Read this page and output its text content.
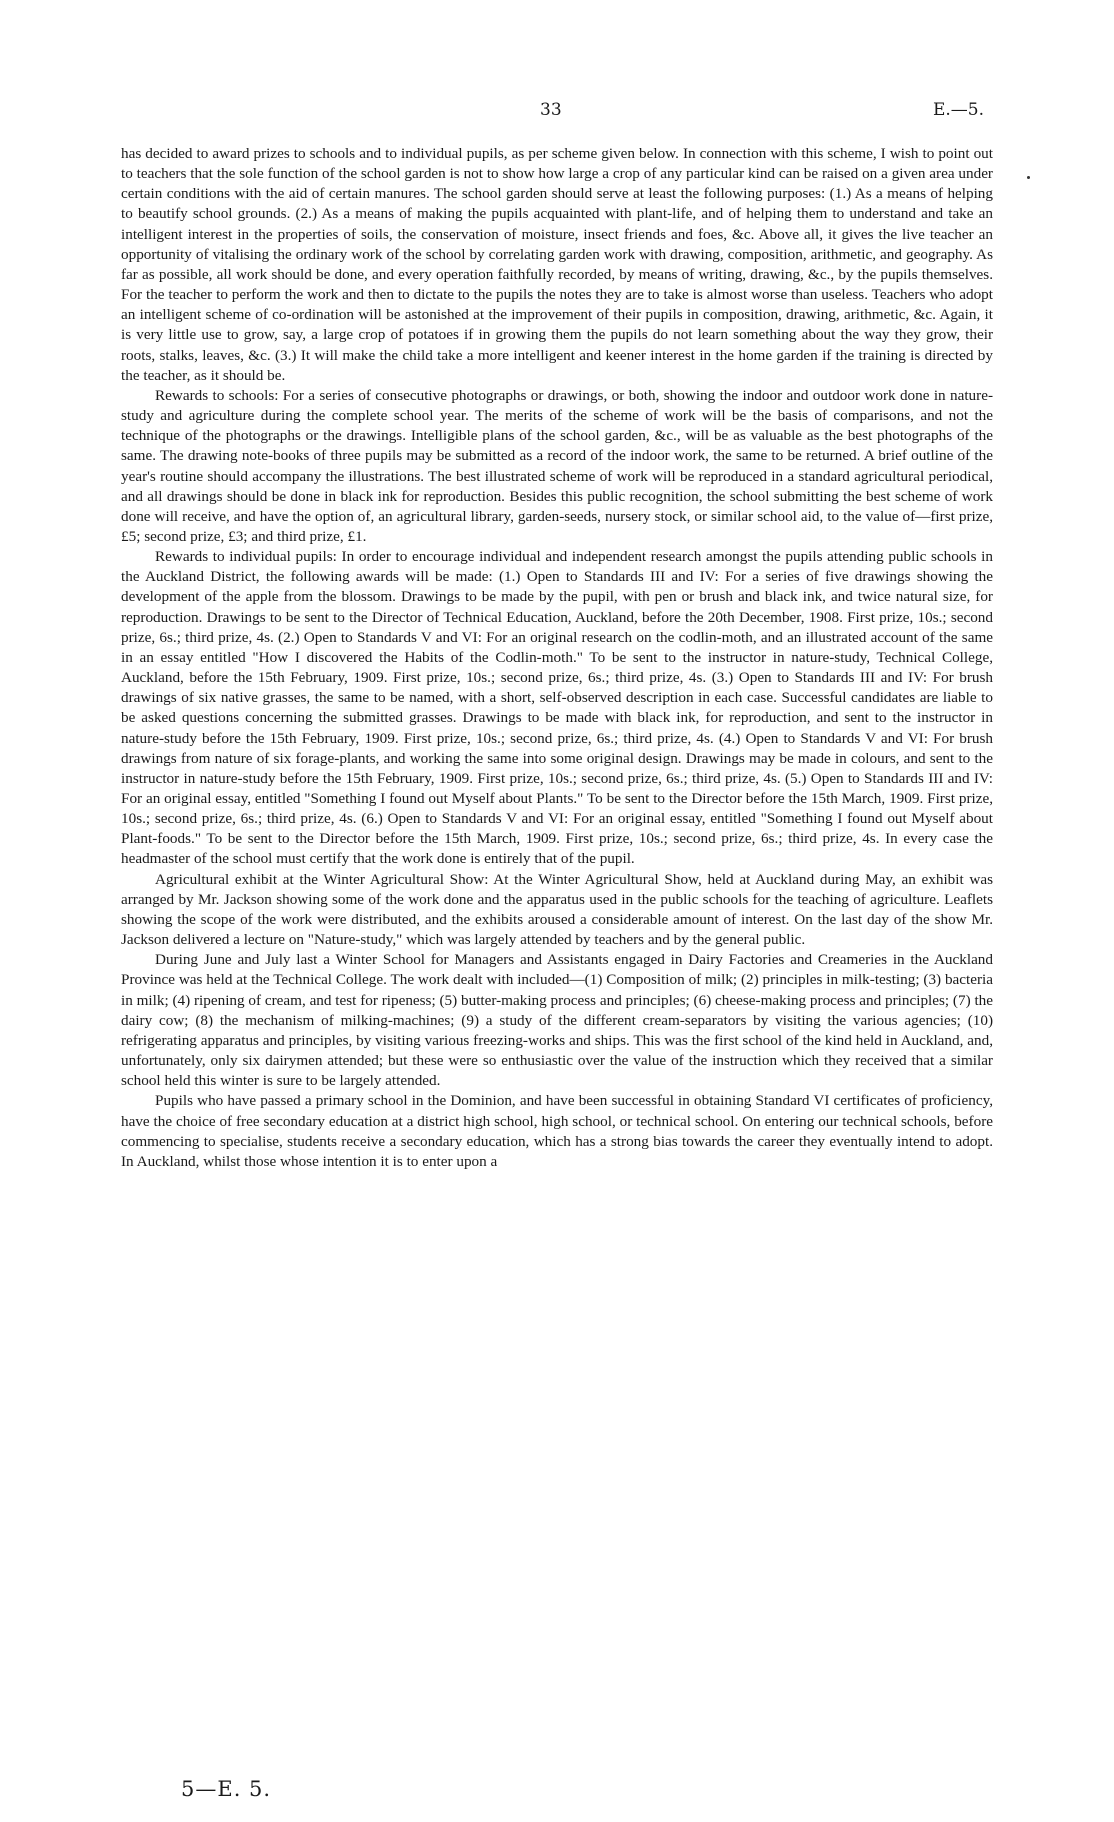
33	E.—5.

has decided to award prizes to schools and to individual pupils, as per scheme given below. In connection with this scheme, I wish to point out to teachers that the sole function of the school garden is not to show how large a crop of any particular kind can be raised on a given area under certain conditions with the aid of certain manures. The school garden should serve at least the following purposes: (1.) As a means of helping to beautify school grounds. (2.) As a means of making the pupils acquainted with plant-life, and of helping them to understand and take an intelligent interest in the properties of soils, the conservation of moisture, insect friends and foes, &c. Above all, it gives the live teacher an opportunity of vitalising the ordinary work of the school by correlating garden work with drawing, composition, arithmetic, and geography. As far as possible, all work should be done, and every operation faithfully recorded, by means of writing, drawing, &c., by the pupils themselves. For the teacher to perform the work and then to dictate to the pupils the notes they are to take is almost worse than useless. Teachers who adopt an intelligent scheme of co-ordination will be astonished at the improvement of their pupils in composition, drawing, arithmetic, &c. Again, it is very little use to grow, say, a large crop of potatoes if in growing them the pupils do not learn something about the way they grow, their roots, stalks, leaves, &c. (3.) It will make the child take a more intelligent and keener interest in the home garden if the training is directed by the teacher, as it should be.

Rewards to schools: For a series of consecutive photographs or drawings, or both, showing the indoor and outdoor work done in nature-study and agriculture during the complete school year. The merits of the scheme of work will be the basis of comparisons, and not the technique of the photographs or the drawings. Intelligible plans of the school garden, &c., will be as valuable as the best photographs of the same. The drawing note-books of three pupils may be submitted as a record of the indoor work, the same to be returned. A brief outline of the year's routine should accompany the illustrations. The best illustrated scheme of work will be reproduced in a standard agricultural periodical, and all drawings should be done in black ink for reproduction. Besides this public recognition, the school submitting the best scheme of work done will receive, and have the option of, an agricultural library, garden-seeds, nursery stock, or similar school aid, to the value of—first prize, £5; second prize, £3; and third prize, £1.

Rewards to individual pupils: In order to encourage individual and independent research amongst the pupils attending public schools in the Auckland District, the following awards will be made: (1.) Open to Standards III and IV: For a series of five drawings showing the development of the apple from the blossom. Drawings to be made by the pupil, with pen or brush and black ink, and twice natural size, for reproduction. Drawings to be sent to the Director of Technical Education, Auckland, before the 20th December, 1908. First prize, 10s.; second prize, 6s.; third prize, 4s. (2.) Open to Standards V and VI: For an original research on the codlin-moth, and an illustrated account of the same in an essay entitled "How I discovered the Habits of the Codlin-moth." To be sent to the instructor in nature-study, Technical College, Auckland, before the 15th February, 1909. First prize, 10s.; second prize, 6s.; third prize, 4s. (3.) Open to Standards III and IV: For brush drawings of six native grasses, the same to be named, with a short, self-observed description in each case. Successful candidates are liable to be asked questions concerning the submitted grasses. Drawings to be made with black ink, for reproduction, and sent to the instructor in nature-study before the 15th February, 1909. First prize, 10s.; second prize, 6s.; third prize, 4s. (4.) Open to Standards V and VI: For brush drawings from nature of six forage-plants, and working the same into some original design. Drawings may be made in colours, and sent to the instructor in nature-study before the 15th February, 1909. First prize, 10s.; second prize, 6s.; third prize, 4s. (5.) Open to Standards III and IV: For an original essay, entitled "Something I found out Myself about Plants." To be sent to the Director before the 15th March, 1909. First prize, 10s.; second prize, 6s.; third prize, 4s. (6.) Open to Standards V and VI: For an original essay, entitled "Something I found out Myself about Plant-foods." To be sent to the Director before the 15th March, 1909. First prize, 10s.; second prize, 6s.; third prize, 4s. In every case the headmaster of the school must certify that the work done is entirely that of the pupil.

Agricultural exhibit at the Winter Agricultural Show: At the Winter Agricultural Show, held at Auckland during May, an exhibit was arranged by Mr. Jackson showing some of the work done and the apparatus used in the public schools for the teaching of agriculture. Leaflets showing the scope of the work were distributed, and the exhibits aroused a considerable amount of interest. On the last day of the show Mr. Jackson delivered a lecture on "Nature-study," which was largely attended by teachers and by the general public.

During June and July last a Winter School for Managers and Assistants engaged in Dairy Factories and Creameries in the Auckland Province was held at the Technical College. The work dealt with included—(1) Composition of milk; (2) principles in milk-testing; (3) bacteria in milk; (4) ripening of cream, and test for ripeness; (5) butter-making process and principles; (6) cheese-making process and principles; (7) the dairy cow; (8) the mechanism of milking-machines; (9) a study of the different cream-separators by visiting the various agencies; (10) refrigerating apparatus and principles, by visiting various freezing-works and ships. This was the first school of the kind held in Auckland, and, unfortunately, only six dairymen attended; but these were so enthusiastic over the value of the instruction which they received that a similar school held this winter is sure to be largely attended.

Pupils who have passed a primary school in the Dominion, and have been successful in obtaining Standard VI certificates of proficiency, have the choice of free secondary education at a district high school, high school, or technical school. On entering our technical schools, before commencing to specialise, students receive a secondary education, which has a strong bias towards the career they eventually intend to adopt. In Auckland, whilst those whose intention it is to enter upon a

5—E. 5.
